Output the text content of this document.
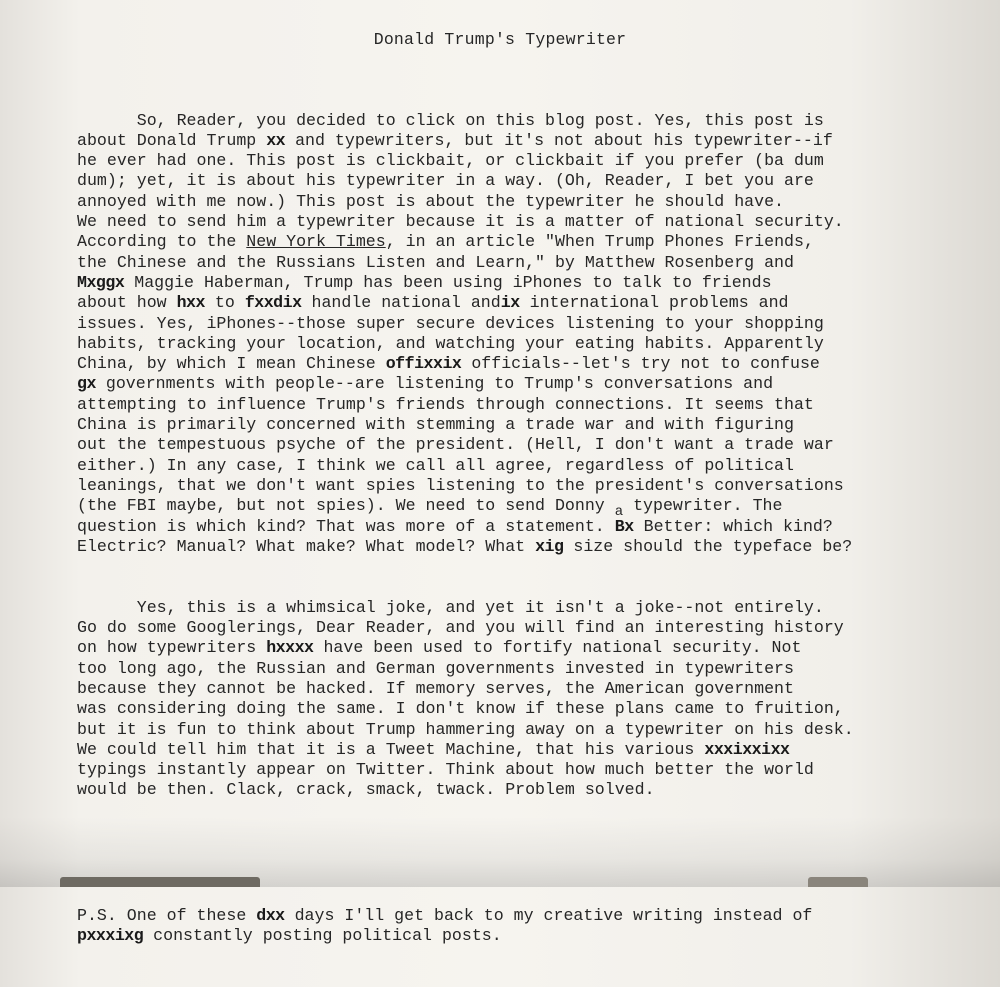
Donald Trump's Typewriter

So, Reader, you decided to click on this blog post. Yes, this post is
about Donald Trump xx and typewriters, but it's not about his typewriter--if
he ever had one. This post is clickbait, or clickbait if you prefer (ba dum
dum); yet, it is about his typewriter in a way. (Oh, Reader, I bet you are
annoyed with me now.) This post is about the typewriter he should have.
We need to send him a typewriter because it is a matter of national security.
According to the New York Times, in an article "When Trump Phones Friends,
the Chinese and the Russians Listen and Learn," by Matthew Rosenberg and
Mxggx Maggie Haberman, Trump has been using iPhones to talk to friends
about how hxx to fxxdix handle national andix international problems and
issues. Yes, iPhones--those super secure devices listening to your shopping
habits, tracking your location, and watching your eating habits. Apparently
China, by which I mean Chinese offixxix officials--let's try not to confuse
gx governments with people--are listening to Trump's conversations and
attempting to influence Trump's friends through connections. It seems that
China is primarily concerned with stemming a trade war and with figuring
out the tempestuous psyche of the president. (Hell, I don't want a trade war
either.) In any case, I think we call all agree, regardless of political
leanings, that we don't want spies listening to the president's conversations
(the FBI maybe, but not spies). We need to send Donny $_a$ typewriter. The
question is which kind? That was more of a statement. Bx Better: which kind?
Electric? Manual? What make? What model? What xig size should the typeface be?

Yes, this is a whimsical joke, and yet it isn't a joke--not entirely.
Go do some Googlerings, Dear Reader, and you will find an interesting history
on how typewriters hxxxx have been used to fortify national security. Not
too long ago, the Russian and German governments invested in typewriters
because they cannot be hacked. If memory serves, the American government
was considering doing the same. I don't know if these plans came to fruition,
but it is fun to think about Trump hammering away on a typewriter on his desk.
We could tell him that it is a Tweet Machine, that his various xxxixxixx
typings instantly appear on Twitter. Think about how much better the world
would be then. Clack, crack, smack, twack. Problem solved.

P.S. One of these dxx days I'll get back to my creative writing instead of
pxxxixg constantly posting political posts.
